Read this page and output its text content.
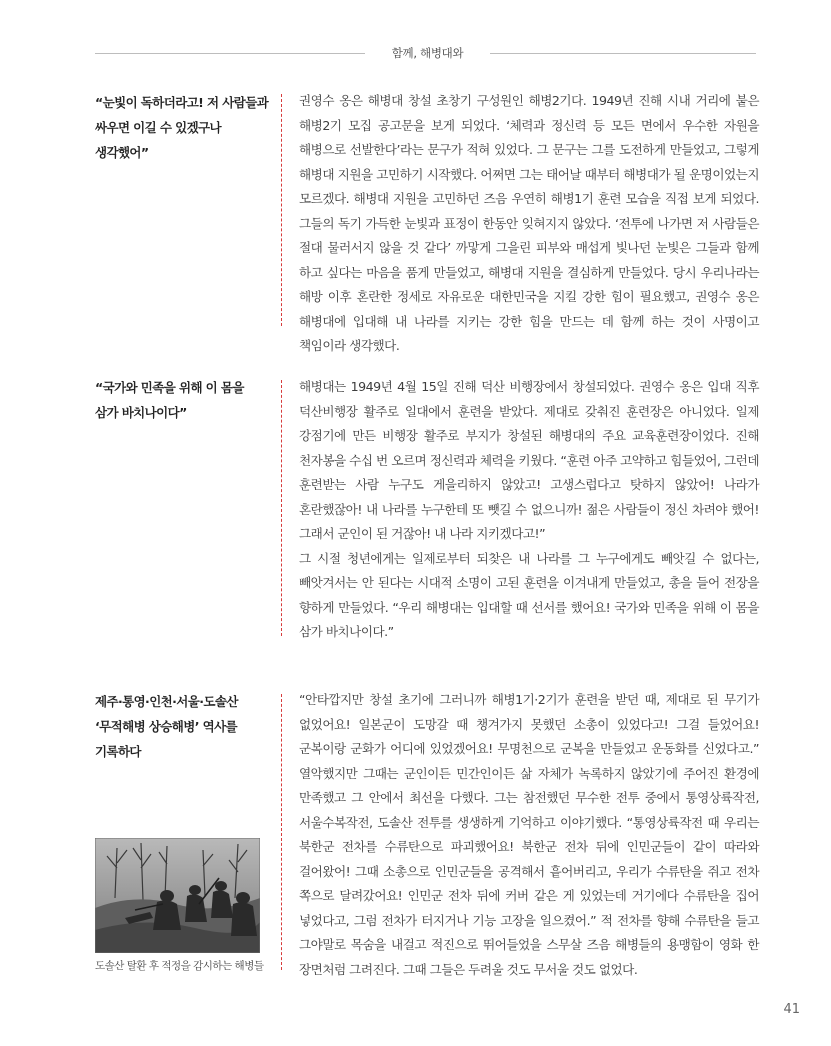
함께, 해병대와
“눈빛이 독하더라고! 저 사람들과
싸우면 이길 수 있겠구나
생각했어”

권영수 옹은 해병대 창설 초창기 구성원인 해병2기다. 1949년 진해 시내 거리에 붙은 해병2기 모집 공고문을 보게 되었다. ‘체력과 정신력 등 모든 면에서 우수한 자원을 해병으로 선발한다’라는 문구가 적혀 있었다. 그 문구는 그를 도전하게 만들었고, 그렇게 해병대 지원을 고민하기 시작했다. 어쩌면 그는 태어날 때부터 해병대가 될 운명이었는지 모르겠다. 해병대 지원을 고민하던 즈음 우연히 해병1기 훈련 모습을 직접 보게 되었다. 그들의 독기 가득한 눈빛과 표정이 한동안 잊혀지지 않았다. ‘전투에 나가면 저 사람들은 절대 물러서지 않을 것 같다’ 까맣게 그을린 피부와 매섭게 빛나던 눈빛은 그들과 함께 하고 싶다는 마음을 품게 만들었고, 해병대 지원을 결심하게 만들었다. 당시 우리나라는 해방 이후 혼란한 정세로 자유로운 대한민국을 지킬 강한 힘이 필요했고, 권영수 옹은 해병대에 입대해 내 나라를 지키는 강한 힘을 만드는 데 함께 하는 것이 사명이고 책임이라 생각했다.

“국가와 민족을 위해 이 몸을
삼가 바치나이다”

해병대는 1949년 4월 15일 진해 덕산 비행장에서 창설되었다. 권영수 옹은 입대 직후 덕산비행장 활주로 일대에서 훈련을 받았다. 제대로 갖춰진 훈련장은 아니었다. 일제 강점기에 만든 비행장 활주로 부지가 창설된 해병대의 주요 교육훈련장이었다. 진해 천자봉을 수십 번 오르며 정신력과 체력을 키웠다. “훈련 아주 고약하고 힘들었어, 그런데 훈련받는 사람 누구도 게을리하지 않았고! 고생스럽다고 탓하지 않았어! 나라가 혼란했잖아! 내 나라를 누구한테 또 뺏길 수 없으니까! 젊은 사람들이 정신 차려야 했어! 그래서 군인이 된 거잖아! 내 나라 지키겠다고!”

그 시절 청년에게는 일제로부터 되찾은 내 나라를 그 누구에게도 빼앗길 수 없다는, 빼앗겨서는 안 된다는 시대적 소명이 고된 훈련을 이겨내게 만들었고, 총을 들어 전장을 향하게 만들었다. “우리 해병대는 입대할 때 선서를 했어요! 국가와 민족을 위해 이 몸을 삼가 바치나이다.”

제주·통영·인천·서울·도솔산
‘무적해병 상승해병’ 역사를
기록하다

“안타깝지만 창설 초기에 그러니까 해병1기·2기가 훈련을 받던 때, 제대로 된 무기가 없었어요! 일본군이 도망갈 때 챙겨가지 못했던 소총이 있었다고! 그걸 들었어요! 군복이랑 군화가 어디에 있었겠어요! 무명천으로 군복을 만들었고 운동화를 신었다고.” 열악했지만 그때는 군인이든 민간인이든 삶 자체가 녹록하지 않았기에 주어진 환경에 만족했고 그 안에서 최선을 다했다. 그는 참전했던 무수한 전투 중에서 통영상륙작전, 서울수복작전, 도솔산 전투를 생생하게 기억하고 이야기했다. “통영상륙작전 때 우리는 북한군 전차를 수류탄으로 파괴했어요! 북한군 전차 뒤에 인민군들이 같이 따라와 걸어왔어! 그때 소총으로 인민군들을 공격해서 흩어버리고, 우리가 수류탄을 쥐고 전차 쪽으로 달려갔어요! 인민군 전차 뒤에 커버 같은 게 있었는데 거기에다 수류탄을 집어 넣었다고, 그럼 전차가 터지거나 기능 고장을 일으켰어.” 적 전차를 향해 수류탄을 들고 그야말로 목숨을 내걸고 적진으로 뛰어들었을 스무살 즈음 해병들의 용맹함이 영화 한 장면처럼 그려진다. 그때 그들은 두려울 것도 무서울 것도 없었다.

도솔산 탈환 후 적정을 감시하는 해병들
41
